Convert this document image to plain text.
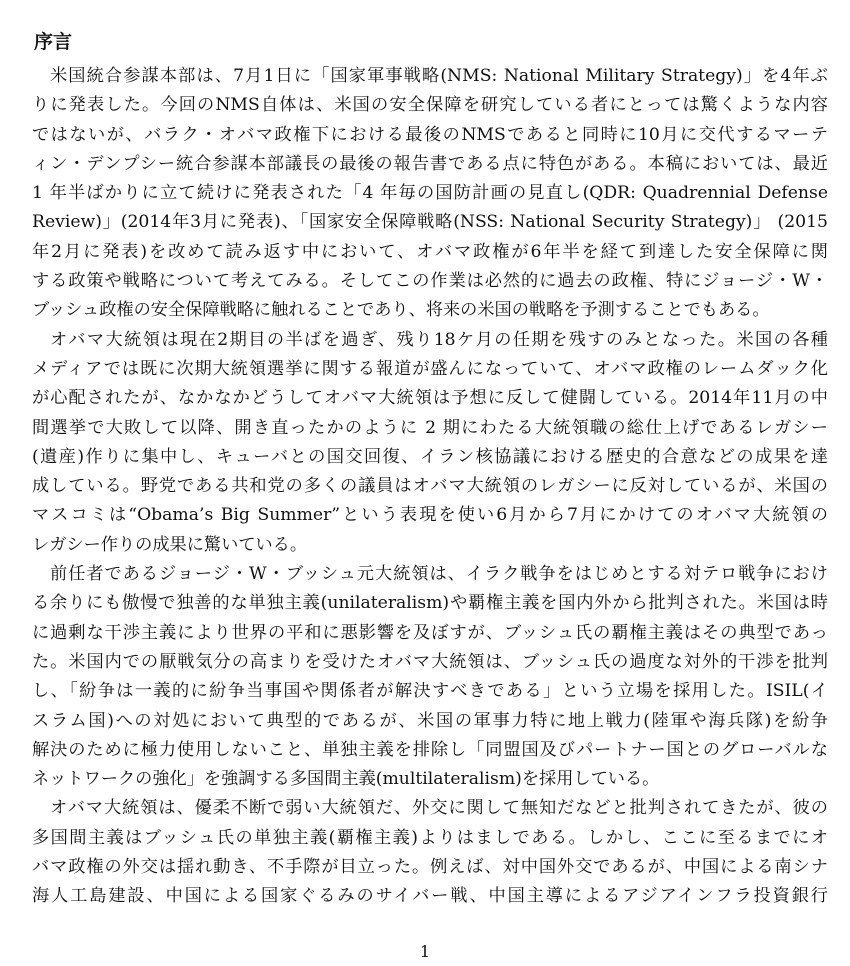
序言
米国統合参謀本部は、7月1日に「国家軍事戦略(NMS: National Military Strategy)」を4年ぶ
りに発表した。今回のNMS自体は、米国の安全保障を研究している者にとっては驚くような内容
ではないが、バラク・オバマ政権下における最後のNMSであると同時に10月に交代するマーテ
ィン・デンプシー統合参謀本部議長の最後の報告書である点に特色がある。本稿においては、最近
1 年半ばかりに立て続けに発表された「4 年毎の国防計画の見直し(QDR: Quadrennial Defense
Review)」(2014年3月に発表)、「国家安全保障戦略(NSS: National Security Strategy)」 (2015
年2月に発表)を改めて読み返す中において、オバマ政権が6年半を経て到達した安全保障に関
する政策や戦略について考えてみる。そしてこの作業は必然的に過去の政権、特にジョージ・W・
ブッシュ政権の安全保障戦略に触れることであり、将来の米国の戦略を予測することでもある。
オバマ大統領は現在2期目の半ばを過ぎ、残り18ケ月の任期を残すのみとなった。米国の各種
メディアでは既に次期大統領選挙に関する報道が盛んになっていて、オバマ政権のレームダック化
が心配されたが、なかなかどうしてオバマ大統領は予想に反して健闘している。2014年11月の中
間選挙で大敗して以降、開き直ったかのように 2 期にわたる大統領職の総仕上げであるレガシー
(遺産)作りに集中し、キューバとの国交回復、イラン核協議における歴史的合意などの成果を達
成している。野党である共和党の多くの議員はオバマ大統領のレガシーに反対しているが、米国の
マスコミは“Obama’s Big Summer”という表現を使い6月から7月にかけてのオバマ大統領の
レガシー作りの成果に驚いている。
前任者であるジョージ・W・ブッシュ元大統領は、イラク戦争をはじめとする対テロ戦争におけ
る余りにも傲慢で独善的な単独主義(unilateralism)や覇権主義を国内外から批判された。米国は時
に過剰な干渉主義により世界の平和に悪影響を及ぼすが、ブッシュ氏の覇権主義はその典型であっ
た。米国内での厭戦気分の高まりを受けたオバマ大統領は、ブッシュ氏の過度な対外的干渉を批判
し、「紛争は一義的に紛争当事国や関係者が解決すべきである」という立場を採用した。ISIL(イ
スラム国)への対処において典型的であるが、米国の軍事力特に地上戦力(陸軍や海兵隊)を紛争
解決のために極力使用しないこと、単独主義を排除し「同盟国及びパートナー国とのグローバルな
ネットワークの強化」を強調する多国間主義(multilateralism)を採用している。
オバマ大統領は、優柔不断で弱い大統領だ、外交に関して無知だなどと批判されてきたが、彼の
多国間主義はブッシュ氏の単独主義(覇権主義)よりはましである。しかし、ここに至るまでにオ
バマ政権の外交は揺れ動き、不手際が目立った。例えば、対中国外交であるが、中国による南シナ
海人工島建設、中国による国家ぐるみのサイバー戦、中国主導によるアジアインフラ投資銀行
1
